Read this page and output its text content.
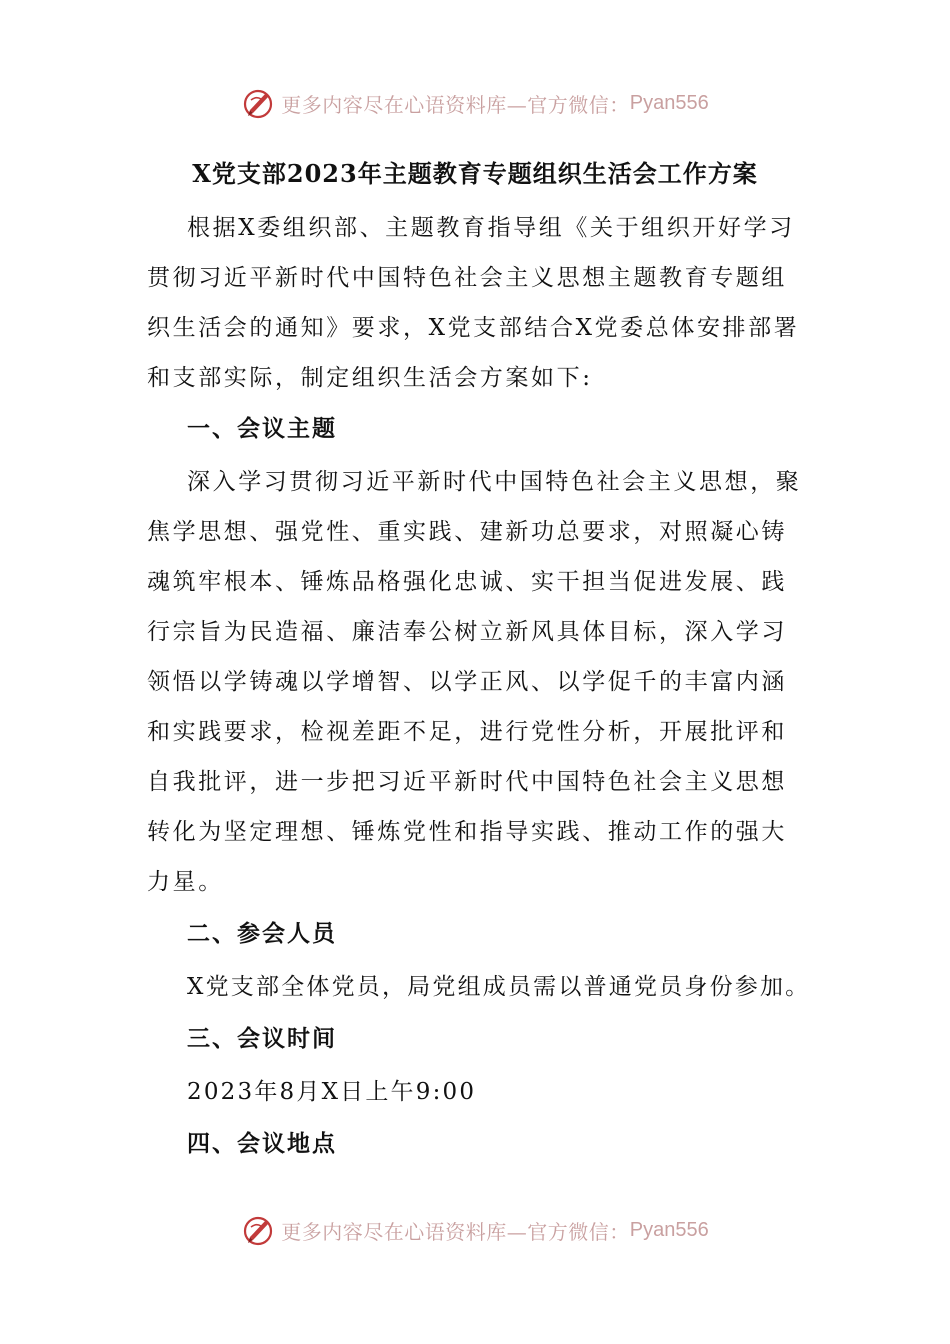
更多内容尽在心语资料库—官方微信： Pyan556
X党支部2023年主题教育专题组织生活会工作方案
根据X委组织部、主题教育指导组《关于组织开好学习贯彻习近平新时代中国特色社会主义思想主题教育专题组织生活会的通知》要求，X党支部结合X党委总体安排部署和支部实际，制定组织生活会方案如下:
一、会议主题
深入学习贯彻习近平新时代中国特色社会主义思想，聚焦学思想、强党性、重实践、建新功总要求，对照凝心铸魂筑牢根本、锤炼品格强化忠诚、实干担当促进发展、践行宗旨为民造福、廉洁奉公树立新风具体目标，深入学习领悟以学铸魂以学增智、以学正风、以学促千的丰富内涵和实践要求，检视差距不足，进行党性分析，开展批评和自我批评，进一步把习近平新时代中国特色社会主义思想转化为坚定理想、锤炼党性和指导实践、推动工作的强大力星。
二、参会人员
X党支部全体党员，局党组成员需以普通党员身份参加。
三、会议时间
2023年8月X日上午9:00
四、会议地点
更多内容尽在心语资料库—官方微信： Pyan556
